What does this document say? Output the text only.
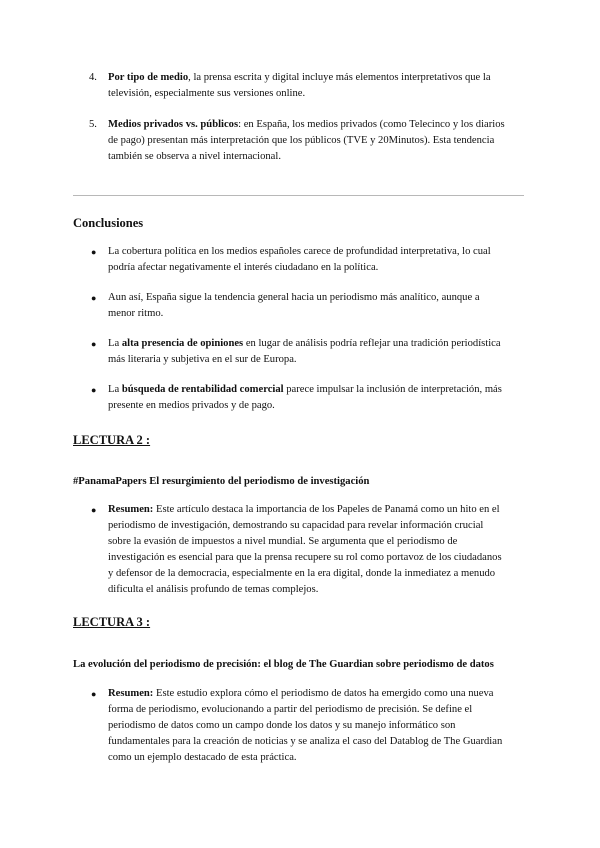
4. Por tipo de medio, la prensa escrita y digital incluye más elementos interpretativos que la
televisión, especialmente sus versiones online.
5. Medios privados vs. públicos: en España, los medios privados (como Telecinco y los diarios
de pago) presentan más interpretación que los públicos (TVE y 20Minutos). Esta tendencia
también se observa a nivel internacional.
Conclusiones
● La cobertura política en los medios españoles carece de profundidad interpretativa, lo cual
podría afectar negativamente el interés ciudadano en la política.
● Aun así, España sigue la tendencia general hacia un periodismo más analítico, aunque a
menor ritmo.
● La alta presencia de opiniones en lugar de análisis podría reflejar una tradición periodística
más literaria y subjetiva en el sur de Europa.
● La búsqueda de rentabilidad comercial parece impulsar la inclusión de interpretación, más
presente en medios privados y de pago.
LECTURA 2 :
#PanamaPapers El resurgimiento del periodismo de investigación
● Resumen: Este artículo destaca la importancia de los Papeles de Panamá como un hito en el
periodismo de investigación, demostrando su capacidad para revelar información crucial
sobre la evasión de impuestos a nivel mundial. Se argumenta que el periodismo de
investigación es esencial para que la prensa recupere su rol como portavoz de los ciudadanos
y defensor de la democracia, especialmente en la era digital, donde la inmediatez a menudo
dificulta el análisis profundo de temas complejos.
LECTURA 3 :
La evolución del periodismo de precisión: el blog de The Guardian sobre periodismo de datos
● Resumen: Este estudio explora cómo el periodismo de datos ha emergido como una nueva
forma de periodismo, evolucionando a partir del periodismo de precisión. Se define el
periodismo de datos como un campo donde los datos y su manejo informático son
fundamentales para la creación de noticias y se analiza el caso del Datablog de The Guardian
como un ejemplo destacado de esta práctica.
